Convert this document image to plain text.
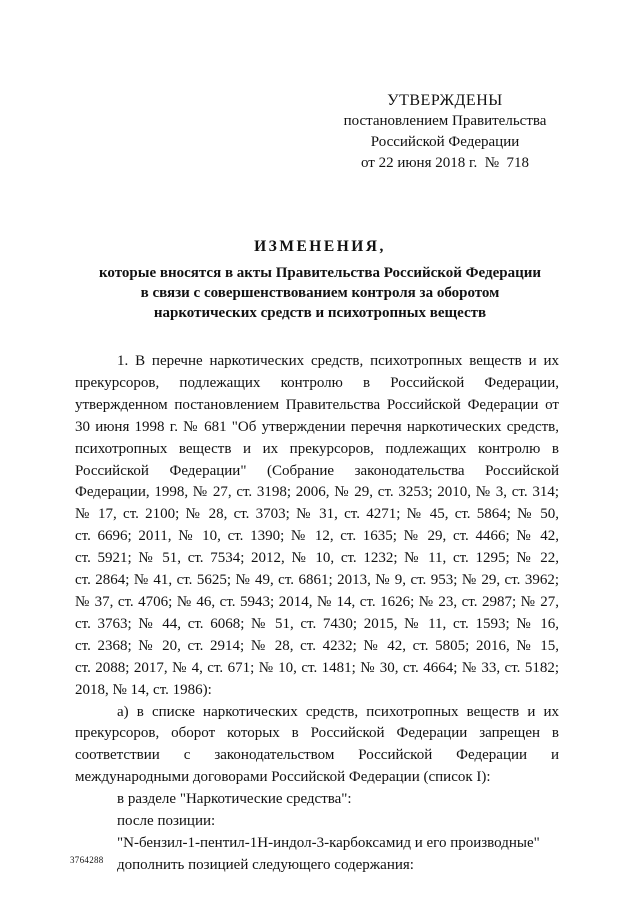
УТВЕРЖДЕНЫ
постановлением Правительства
Российской Федерации
от 22 июня 2018 г.  №  718
ИЗМЕНЕНИЯ,
которые вносятся в акты Правительства Российской Федерации
в связи с совершенствованием контроля за оборотом
наркотических средств и психотропных веществ
1. В перечне наркотических средств, психотропных веществ и их
прекурсоров, подлежащих контролю в Российской Федерации,
утвержденном постановлением Правительства Российской Федерации от
30 июня 1998 г. № 681 "Об утверждении перечня наркотических средств,
психотропных веществ и их прекурсоров, подлежащих контролю в
Российской Федерации" (Собрание законодательства Российской
Федерации, 1998, № 27, ст. 3198; 2006, № 29, ст. 3253; 2010, № 3, ст. 314;
№ 17, ст. 2100; № 28, ст. 3703; № 31, ст. 4271; № 45, ст. 5864; № 50,
ст. 6696; 2011, № 10, ст. 1390; № 12, ст. 1635; № 29, ст. 4466; № 42,
ст. 5921; № 51, ст. 7534; 2012, № 10, ст. 1232; № 11, ст. 1295; № 22,
ст. 2864; № 41, ст. 5625; № 49, ст. 6861; 2013, № 9, ст. 953; № 29, ст. 3962;
№ 37, ст. 4706; № 46, ст. 5943; 2014, № 14, ст. 1626; № 23, ст. 2987; № 27,
ст. 3763; № 44, ст. 6068; № 51, ст. 7430; 2015, № 11, ст. 1593; № 16,
ст. 2368; № 20, ст. 2914; № 28, ст. 4232; № 42, ст. 5805; 2016, № 15,
ст. 2088; 2017, № 4, ст. 671; № 10, ст. 1481; № 30, ст. 4664; № 33, ст. 5182;
2018, № 14, ст. 1986):
а) в списке наркотических средств, психотропных веществ и их
прекурсоров, оборот которых в Российской Федерации запрещен в
соответствии с законодательством Российской Федерации и
международными договорами Российской Федерации (список I):
в разделе "Наркотические средства":
после позиции:
"N-бензил-1-пентил-1Н-индол-3-карбоксамид и его производные"
дополнить позицией следующего содержания:
3764288
